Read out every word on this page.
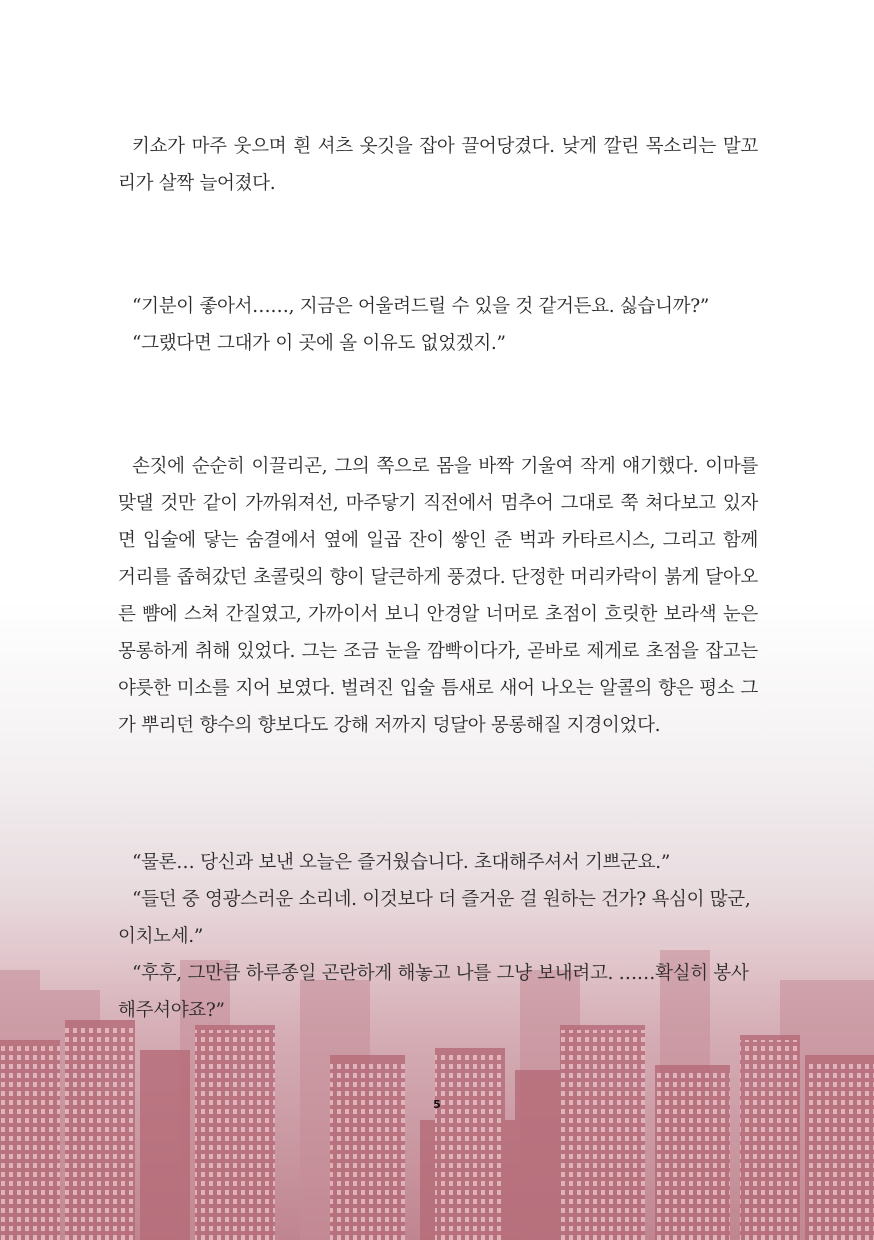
키쇼가 마주 웃으며 흰 셔츠 옷깃을 잡아 끌어당겼다. 낮게 깔린 목소리는 말꼬리가 살짝 늘어졌다.

“기분이 좋아서……, 지금은 어울려드릴 수 있을 것 같거든요. 싫습니까?”

“그랬다면 그대가 이 곳에 올 이유도 없었겠지.”

손짓에 순순히 이끌리곤, 그의 쪽으로 몸을 바짝 기울여 작게 얘기했다. 이마를 맞댈 것만 같이 가까워져선, 마주닿기 직전에서 멈추어 그대로 쭉 쳐다보고 있자면 입술에 닿는 숨결에서 옆에 일곱 잔이 쌓인 준 벅과 카타르시스, 그리고 함께 거리를 좁혀갔던 초콜릿의 향이 달큰하게 풍겼다. 단정한 머리카락이 붉게 달아오른 뺨에 스쳐 간질였고, 가까이서 보니 안경알 너머로 초점이 흐릿한 보라색 눈은 몽롱하게 취해 있었다. 그는 조금 눈을 깜빡이다가, 곧바로 제게로 초점을 잡고는 야릇한 미소를 지어 보였다. 벌려진 입술 틈새로 새어 나오는 알콜의 향은 평소 그가 뿌리던 향수의 향보다도 강해 저까지 덩달아 몽롱해질 지경이었다.

“물론… 당신과 보낸 오늘은 즐거웠습니다. 초대해주셔서 기쁘군요.”

“들던 중 영광스러운 소리네. 이것보다 더 즐거운 걸 원하는 건가? 욕심이 많군, 이치노세.”

“후후, 그만큼 하루종일 곤란하게 해놓고 나를 그냥 보내려고. ……확실히 봉사해주셔야죠?”

5
